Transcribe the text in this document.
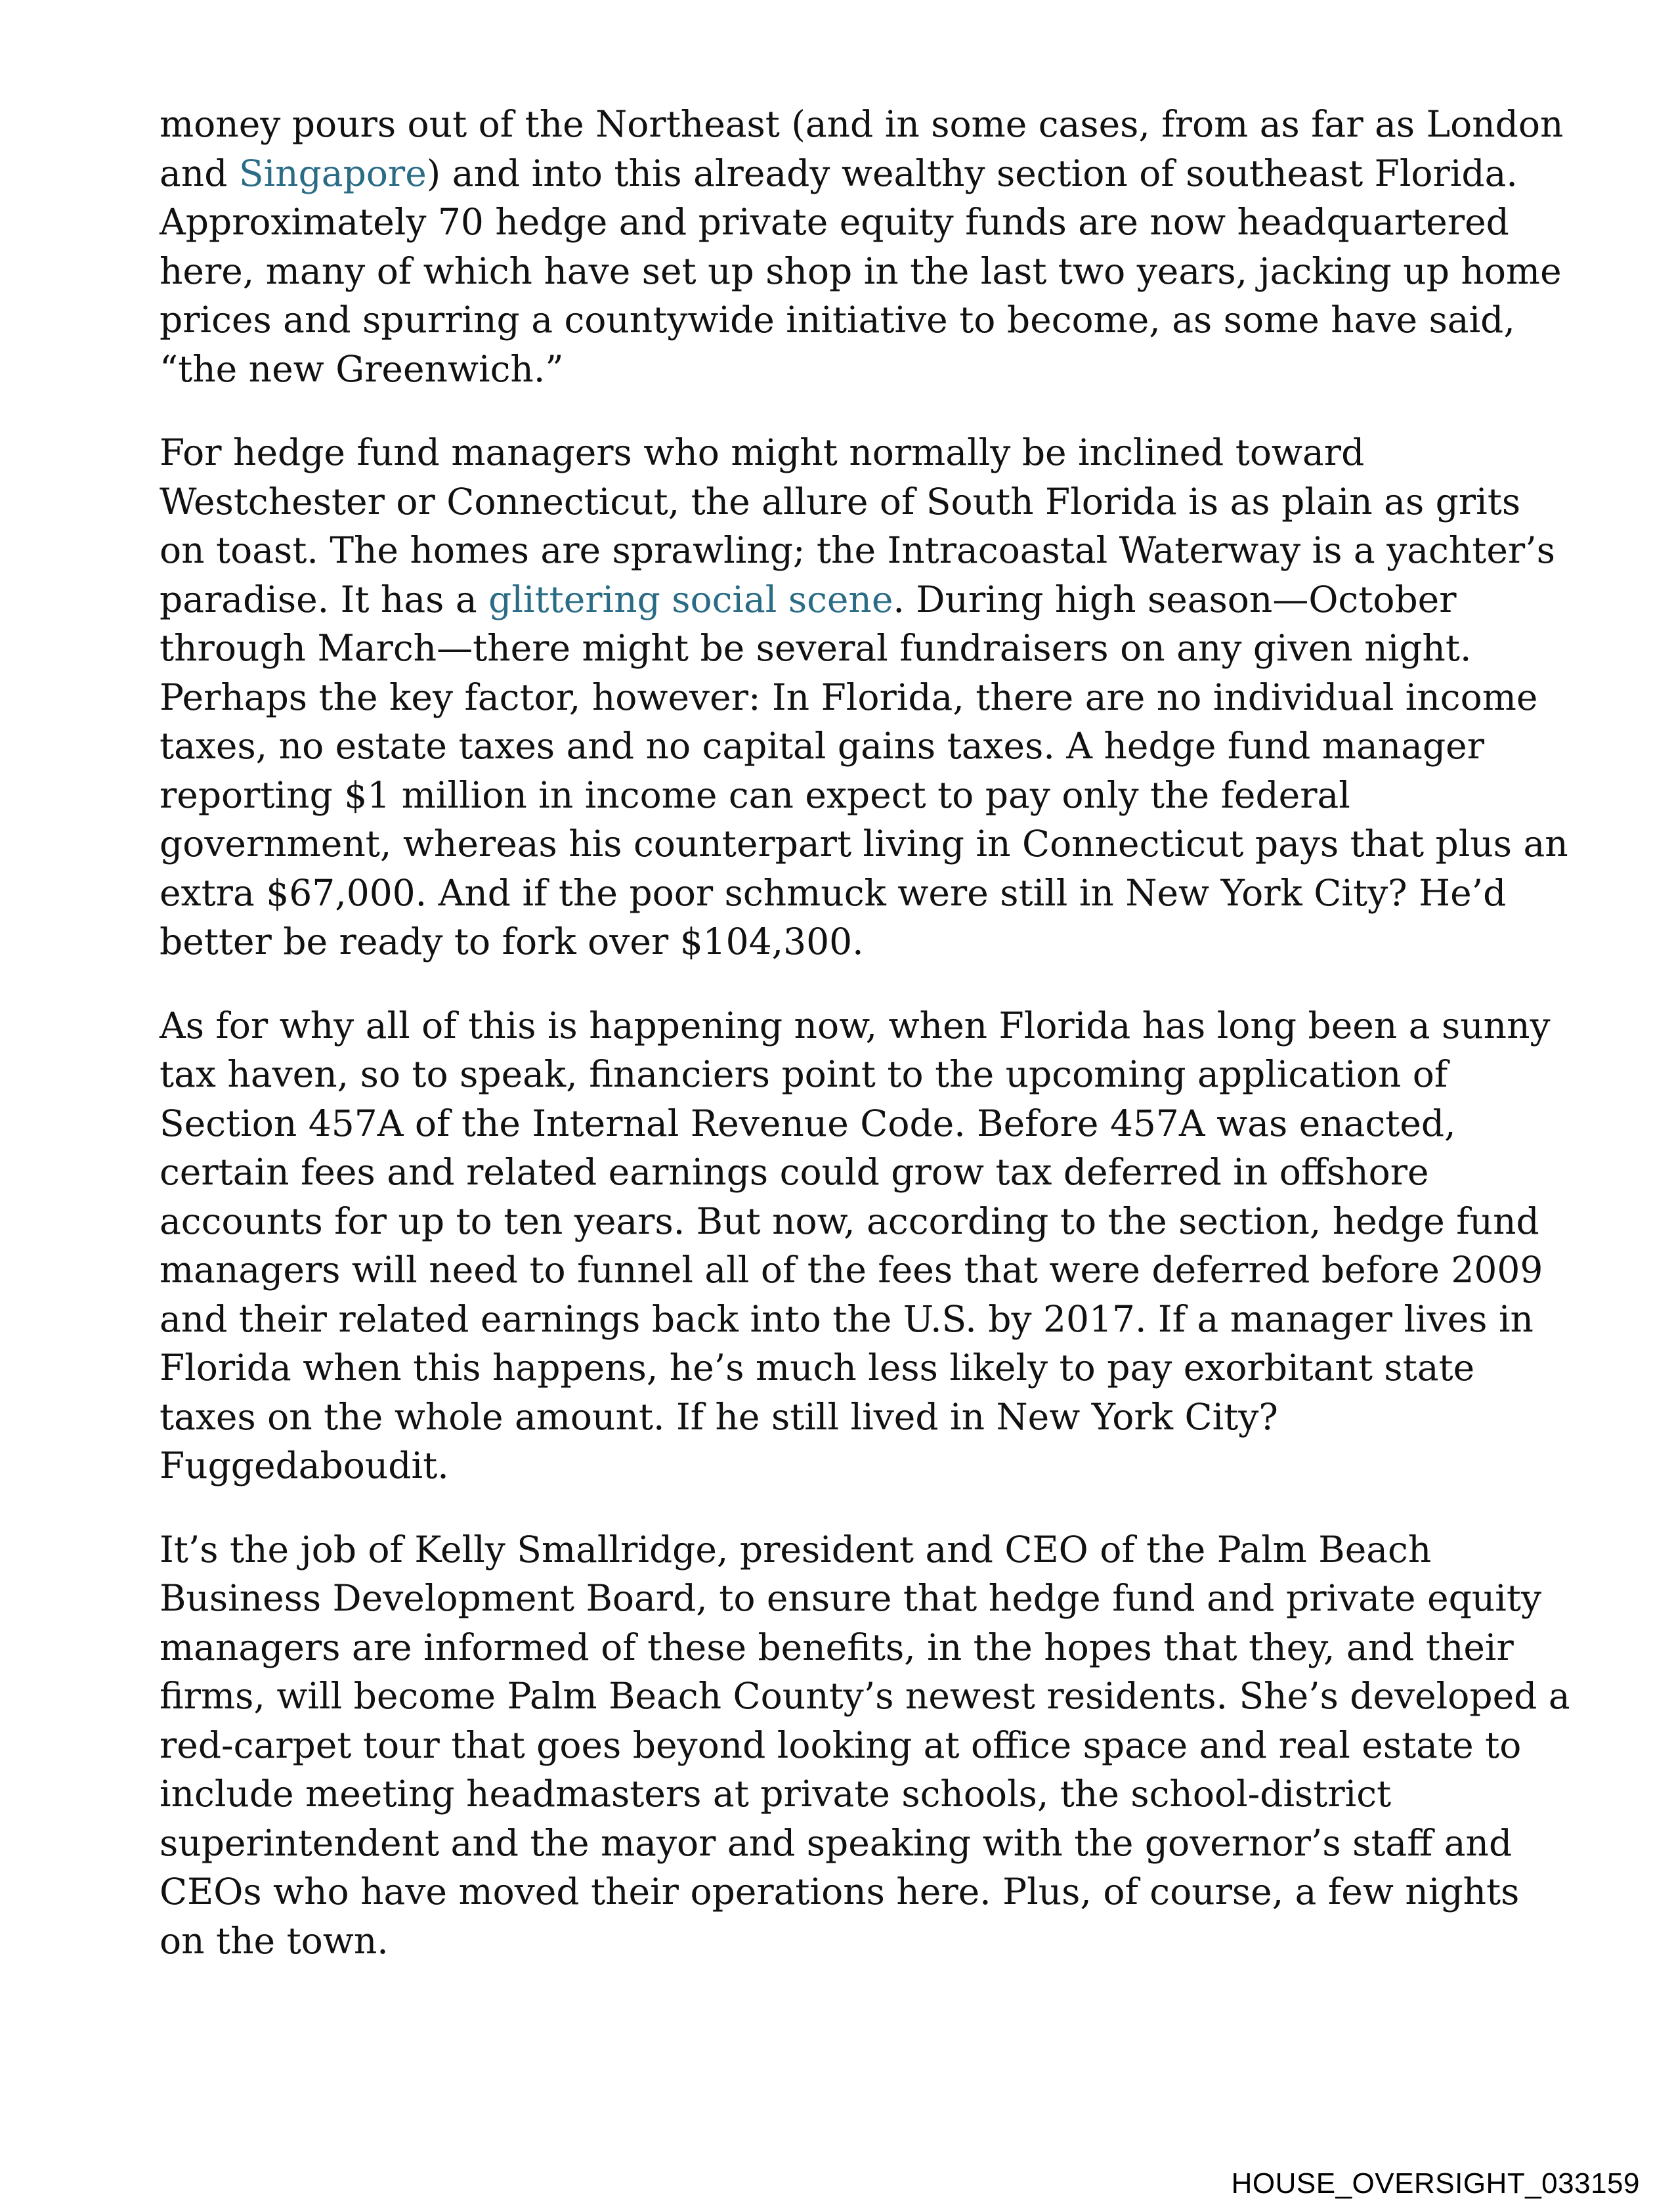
money pours out of the Northeast (and in some cases, from as far as London
and Singapore) and into this already wealthy section of southeast Florida.
Approximately 70 hedge and private equity funds are now headquartered
here, many of which have set up shop in the last two years, jacking up home
prices and spurring a countywide initiative to become, as some have said,
“the new Greenwich.”

For hedge fund managers who might normally be inclined toward
Westchester or Connecticut, the allure of South Florida is as plain as grits
on toast. The homes are sprawling; the Intracoastal Waterway is a yachter’s
paradise. It has a glittering social scene. During high season—October
through March—there might be several fundraisers on any given night.
Perhaps the key factor, however: In Florida, there are no individual income
taxes, no estate taxes and no capital gains taxes. A hedge fund manager
reporting $1 million in income can expect to pay only the federal
government, whereas his counterpart living in Connecticut pays that plus an
extra $67,000. And if the poor schmuck were still in New York City? He’d
better be ready to fork over $104,300.

As for why all of this is happening now, when Florida has long been a sunny
tax haven, so to speak, financiers point to the upcoming application of
Section 457A of the Internal Revenue Code. Before 457A was enacted,
certain fees and related earnings could grow tax deferred in offshore
accounts for up to ten years. But now, according to the section, hedge fund
managers will need to funnel all of the fees that were deferred before 2009
and their related earnings back into the U.S. by 2017. If a manager lives in
Florida when this happens, he’s much less likely to pay exorbitant state
taxes on the whole amount. If he still lived in New York City?
Fuggedaboudit.

It’s the job of Kelly Smallridge, president and CEO of the Palm Beach
Business Development Board, to ensure that hedge fund and private equity
managers are informed of these benefits, in the hopes that they, and their
firms, will become Palm Beach County’s newest residents. She’s developed a
red-carpet tour that goes beyond looking at office space and real estate to
include meeting headmasters at private schools, the school-district
superintendent and the mayor and speaking with the governor’s staff and
CEOs who have moved their operations here. Plus, of course, a few nights
on the town.

HOUSE_OVERSIGHT_033159
